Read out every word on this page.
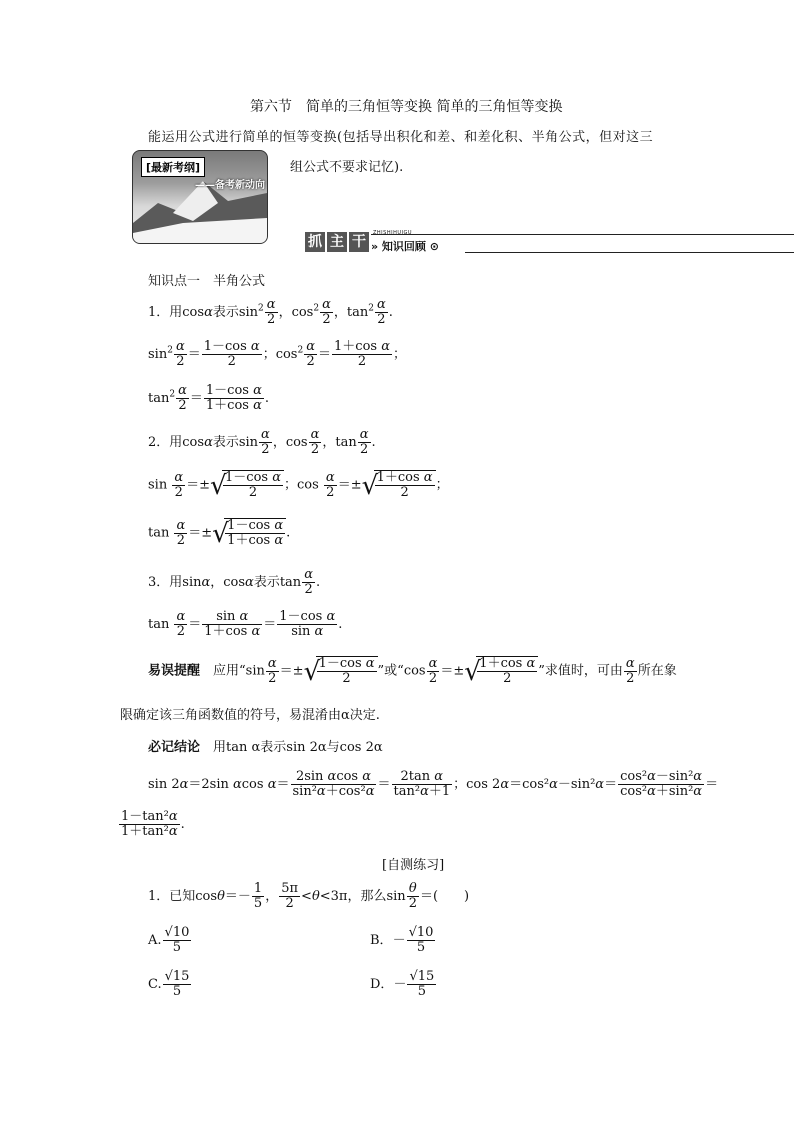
第六节　简单的三角恒等变换 简单的三角恒等变换
能运用公式进行简单的恒等变换(包括导出积化和差、和差化积、半角公式，但对这三
组公式不要求记忆).
[最新考纲]
——备考新动向
抓 主 干
ZHISHIHUIGU
» 知识回顾 ⊙
知识点一　半角公式
1．用cosα表示$\sin^2 \frac{\alpha}{2}$ ，$\cos^2 \frac{\alpha}{2}$ ，$\tan^2 \frac{\alpha}{2}$ .
$\sin^2 \frac{\alpha}{2} = \frac{\text{1－cos α}}{2}$ ；$\cos^2 \frac{\alpha}{2} = \frac{\text{1＋cos α}}{2}$ ；
$\tan^2 \frac{\alpha}{2} = \frac{\text{1－cos α}}{\text{1＋cos α}}$ .
2．用cosα表示$\sin \frac{\alpha}{2}$ ，$\cos \frac{\alpha}{2}$ ，$\tan \frac{\alpha}{2}$ .
$\sin \frac{\alpha}{2}$ ＝± √
$\frac{\text{1－cos α}}{2}$ ；$\cos \frac{\alpha}{2}$ ＝± √
$\frac{\text{1＋cos α}}{2}$ ；
$\tan \frac{\alpha}{2}$ ＝± √
$\frac{\text{1－cos α}}{\text{1＋cos α}}$ .
3．用sinα，cosα表示$\tan \frac{\alpha}{2}$ .
$\tan \frac{\alpha}{2} = \frac{\text{sin α}}{\text{1＋cos α}} = \frac{\text{1－cos α}}{\text{sin α}}$ .
易误提醒　应用“$\sin \frac{\alpha}{2}$ ＝± √
$\frac{\text{1－cos α}}{2}$ ”或“$\cos \frac{\alpha}{2}$ ＝± √
$\frac{\text{1＋cos α}}{2}$ ”求值时，可由 $\frac{\alpha}{2}$ 所在象
限确定该三角函数值的符号，易混淆由α决定.
必记结论　 用tan α表示sin 2α与cos 2α
sin 2α＝2sin αcos $\alpha= \frac{\text{2sin αcos α}}{\text{sin²α＋cos²α}} = \frac{\text{2tan α}}{\text{tan²α＋1}}$ ；$\cos 2\alpha=\cos^2\alpha-\sin^2\alpha= \frac{\text{cos²α－sin²α}}{\text{cos²α＋sin²α}}$ ＝
$\frac{\text{1－tan²α}}{\text{1＋tan²α}}$ .
[自测练习]
1．已知$\cos\theta=- \frac{1}{5}$ ， $\frac{5\pi}{2} <\theta<3\pi$，那么$\sin \frac{\theta}{2}$ ＝(　　)
A. $\frac{√10}{5}$	B．－ $\frac{√10}{5}$
C. $\frac{√15}{5}$	D．－ $\frac{√15}{5}$
